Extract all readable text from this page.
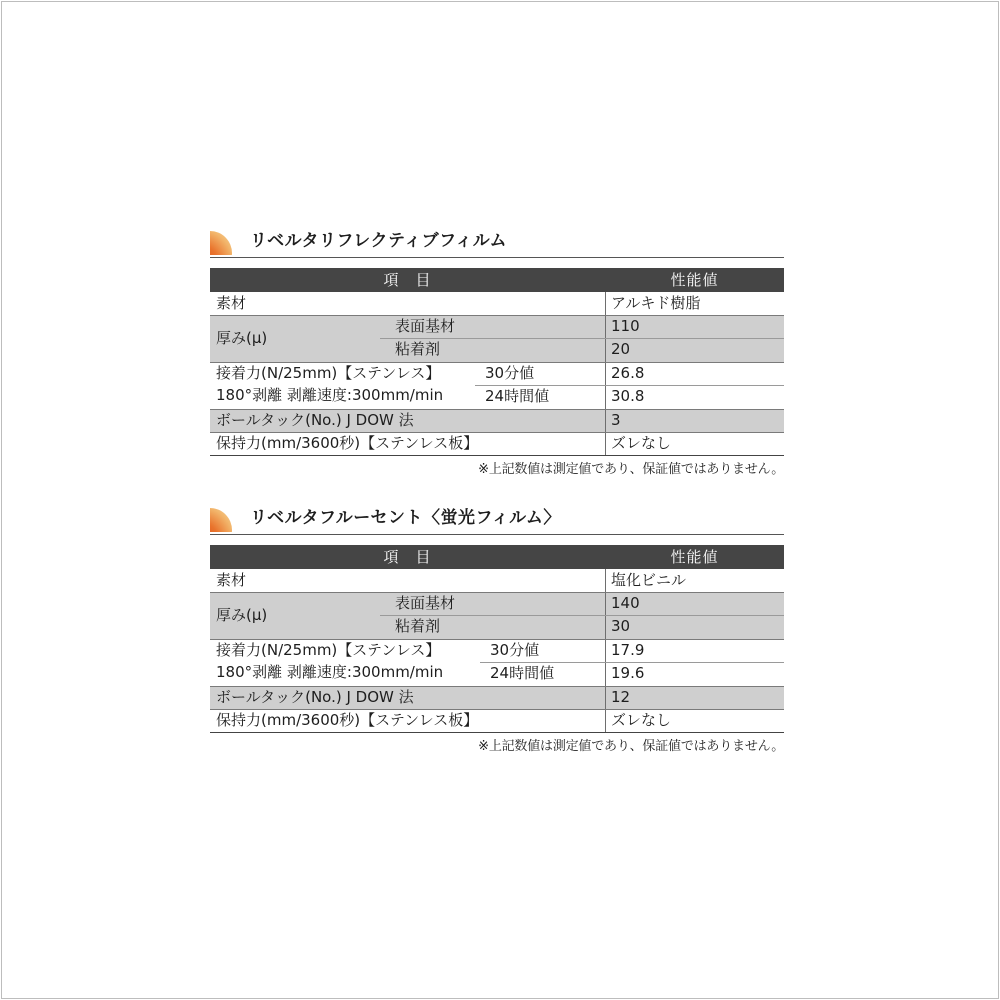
リベルタリフレクティブフィルム
項　目	性能値
素材	アルキド樹脂
厚み(μ)
表面基材	110
粘着剤	20
接着力(N/25mm)【ステンレス】
180°剥離 剥離速度:300mm/min
30分値	26.8
24時間値	30.8
ボールタック(No.) J DOW 法	3
保持力(mm/3600秒)【ステンレス板】	ズレなし
※上記数値は測定値であり、保証値ではありません。
リベルタフルーセント〈蛍光フィルム〉
項　目	性能値
素材	塩化ビニル
厚み(μ)
表面基材	140
粘着剤	30
接着力(N/25mm)【ステンレス】
180°剥離 剥離速度:300mm/min
30分値	17.9
24時間値	19.6
ボールタック(No.) J DOW 法	12
保持力(mm/3600秒)【ステンレス板】	ズレなし
※上記数値は測定値であり、保証値ではありません。
